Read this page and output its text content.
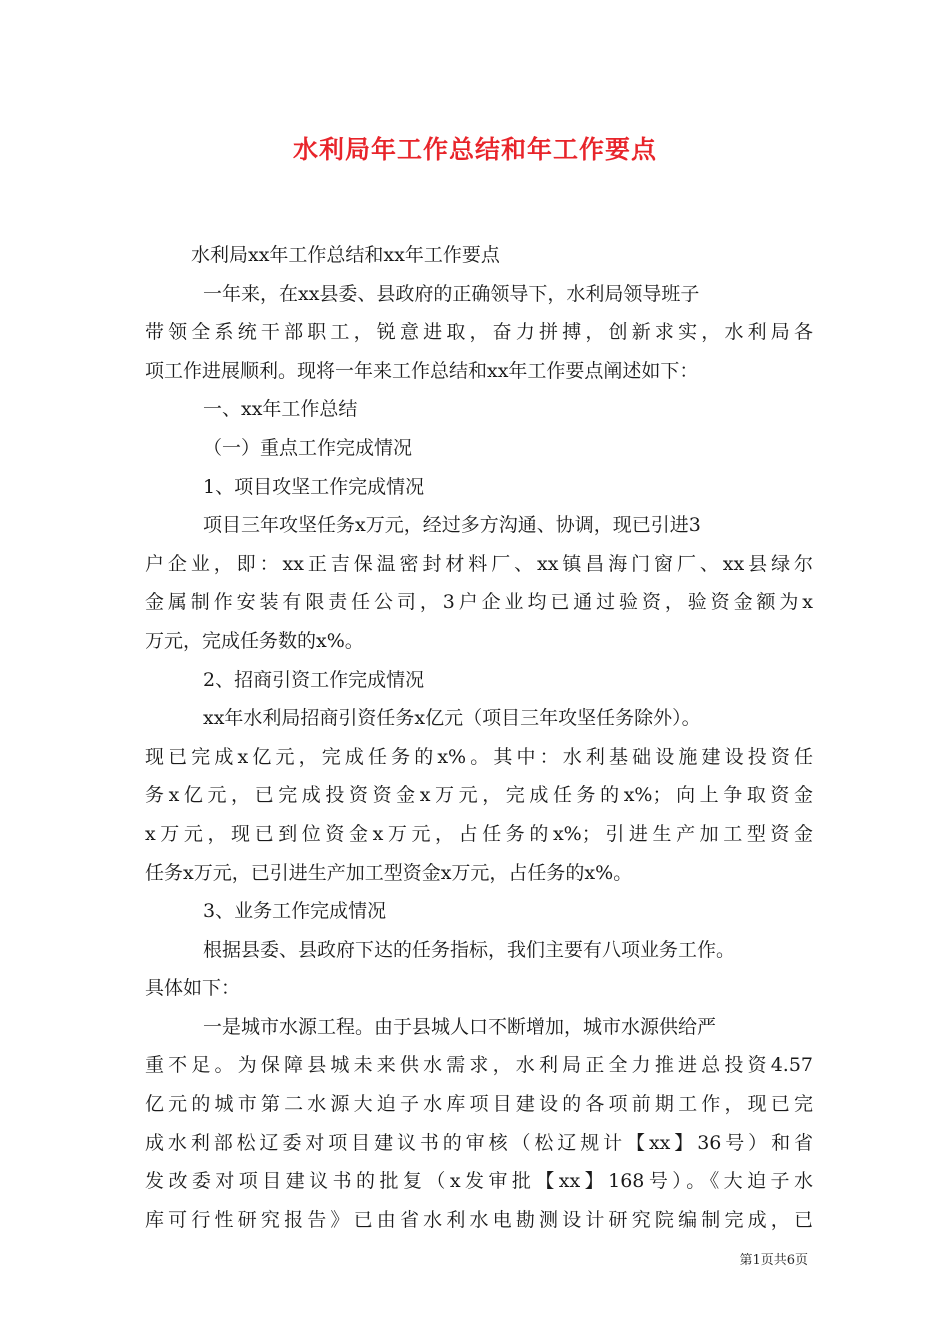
水利局年工作总结和年工作要点
水利局xx年工作总结和xx年工作要点
一年来，在xx县委、县政府的正确领导下，水利局领导班子
带领全系统干部职工，锐意进取，奋力拼搏，创新求实，水利局各
项工作进展顺利。现将一年来工作总结和xx年工作要点阐述如下：
一、xx年工作总结
（一）重点工作完成情况
1、项目攻坚工作完成情况
项目三年攻坚任务x万元，经过多方沟通、协调，现已引进3
户企业，即：xx正吉保温密封材料厂、xx镇昌海门窗厂、xx县绿尔
金属制作安装有限责任公司，3户企业均已通过验资，验资金额为x
万元，完成任务数的x%。
2、招商引资工作完成情况
xx年水利局招商引资任务x亿元（项目三年攻坚任务除外）。
现已完成x亿元，完成任务的x%。其中：水利基础设施建设投资任
务x亿元，已完成投资资金x万元，完成任务的x%；向上争取资金
x万元，现已到位资金x万元，占任务的x%；引进生产加工型资金
任务x万元，已引进生产加工型资金x万元，占任务的x%。
3、业务工作完成情况
根据县委、县政府下达的任务指标，我们主要有八项业务工作。
具体如下：
一是城市水源工程。由于县城人口不断增加，城市水源供给严
重不足。为保障县城未来供水需求，水利局正全力推进总投资4.57
亿元的城市第二水源大迫子水库项目建设的各项前期工作，现已完
成水利部松辽委对项目建议书的审核（松辽规计【xx】36号）和省
发改委对项目建议书的批复（x发审批【xx】168号）。《大迫子水
库可行性研究报告》已由省水利水电勘测设计研究院编制完成，已
第1页共6页
